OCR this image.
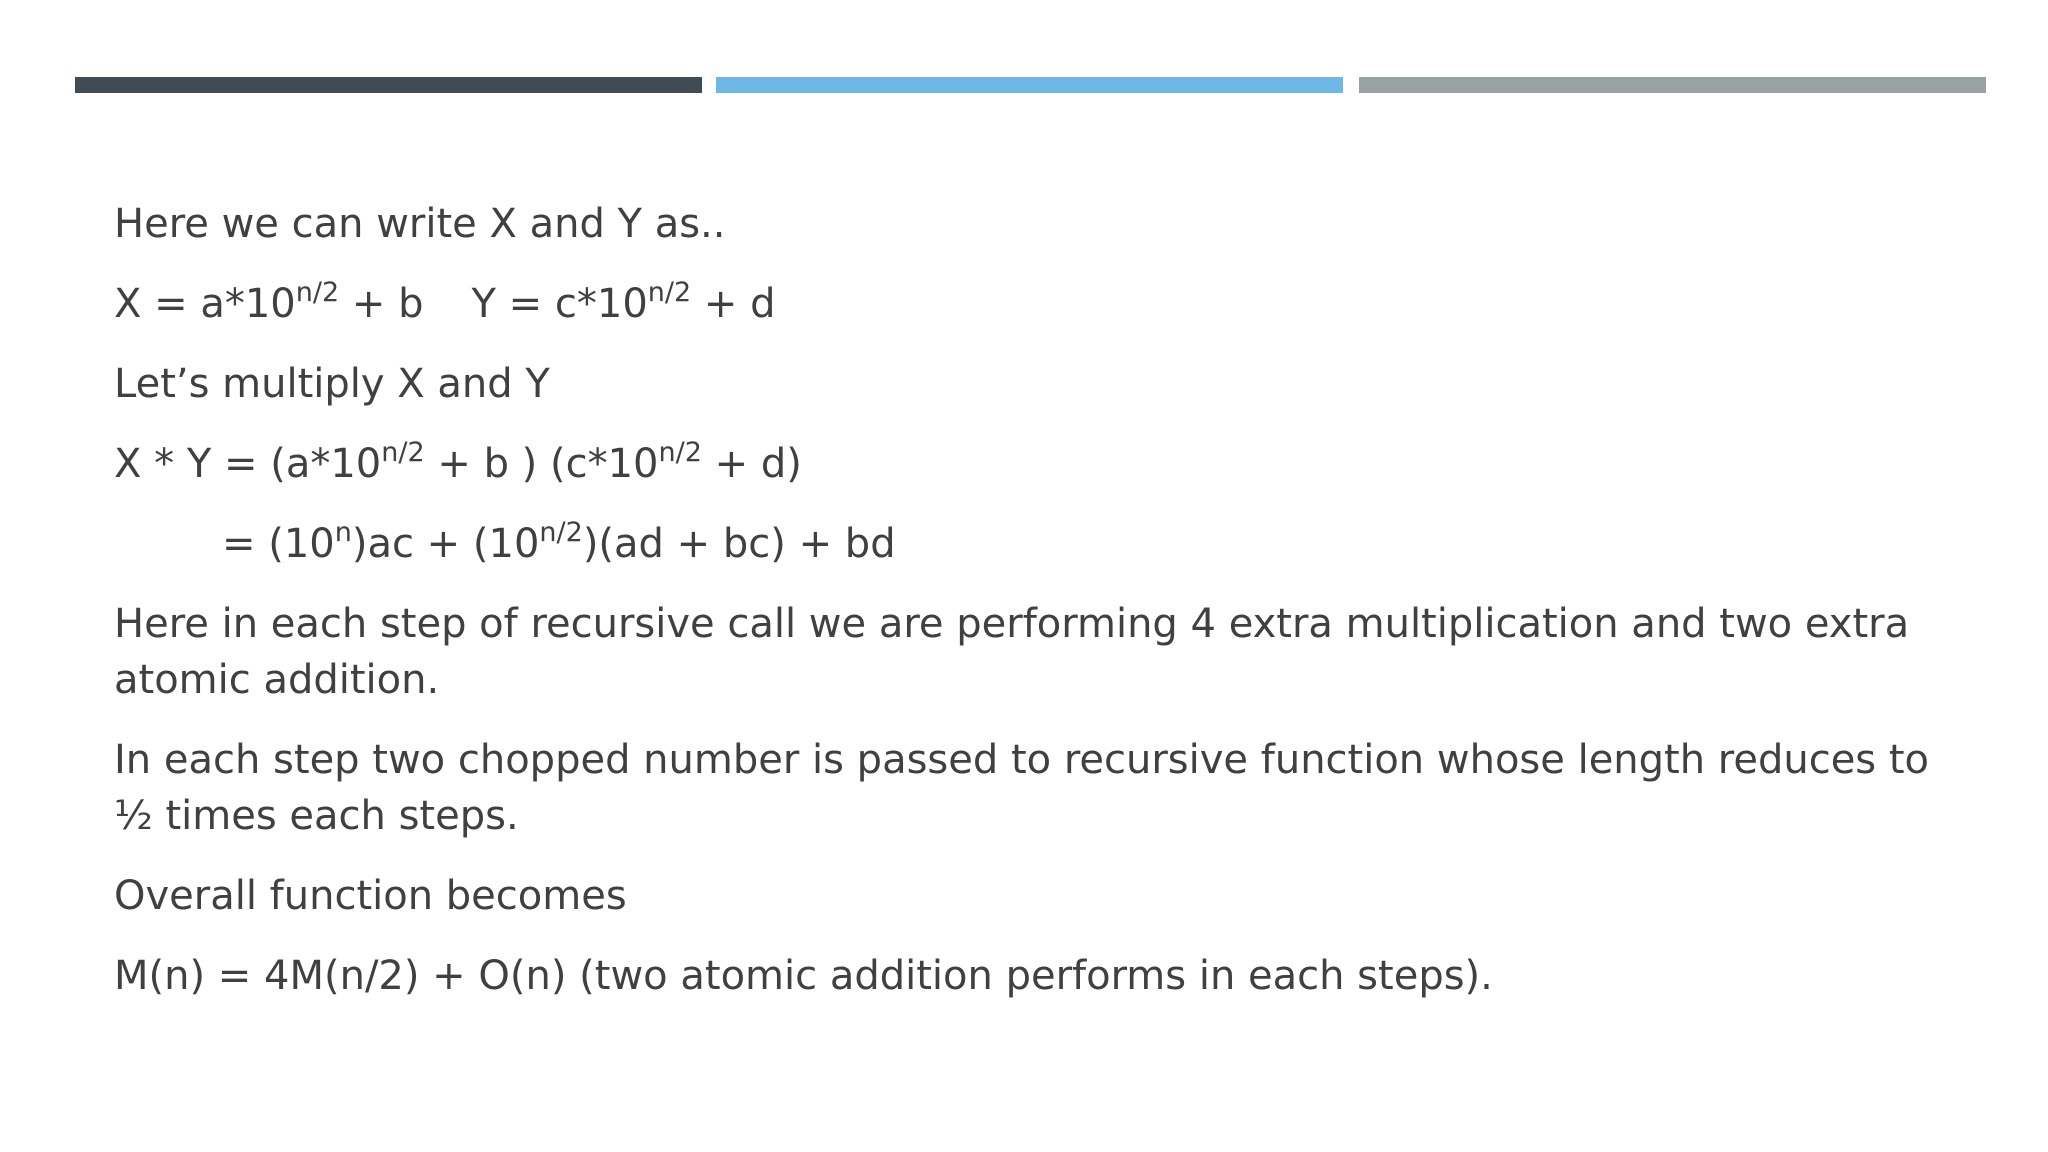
Here we can write X and Y as..

$X = a*10^{n/2} + b$ $Y = c*10^{n/2} + d$

Let’s multiply X and Y

$X * Y = (a*10^{n/2} + b$ ) $(c*10^{n/2} + d)$

= $(10^n)ac + (10^{n/2})(ad + bc)$ + bd

Here in each step of recursive call we are performing 4 extra multiplication and two extra atomic addition.

In each step two chopped number is passed to recursive function whose length reduces to ½ times each steps.

Overall function becomes

M(n) = 4M(n/2) + O(n) (two atomic addition performs in each steps).
